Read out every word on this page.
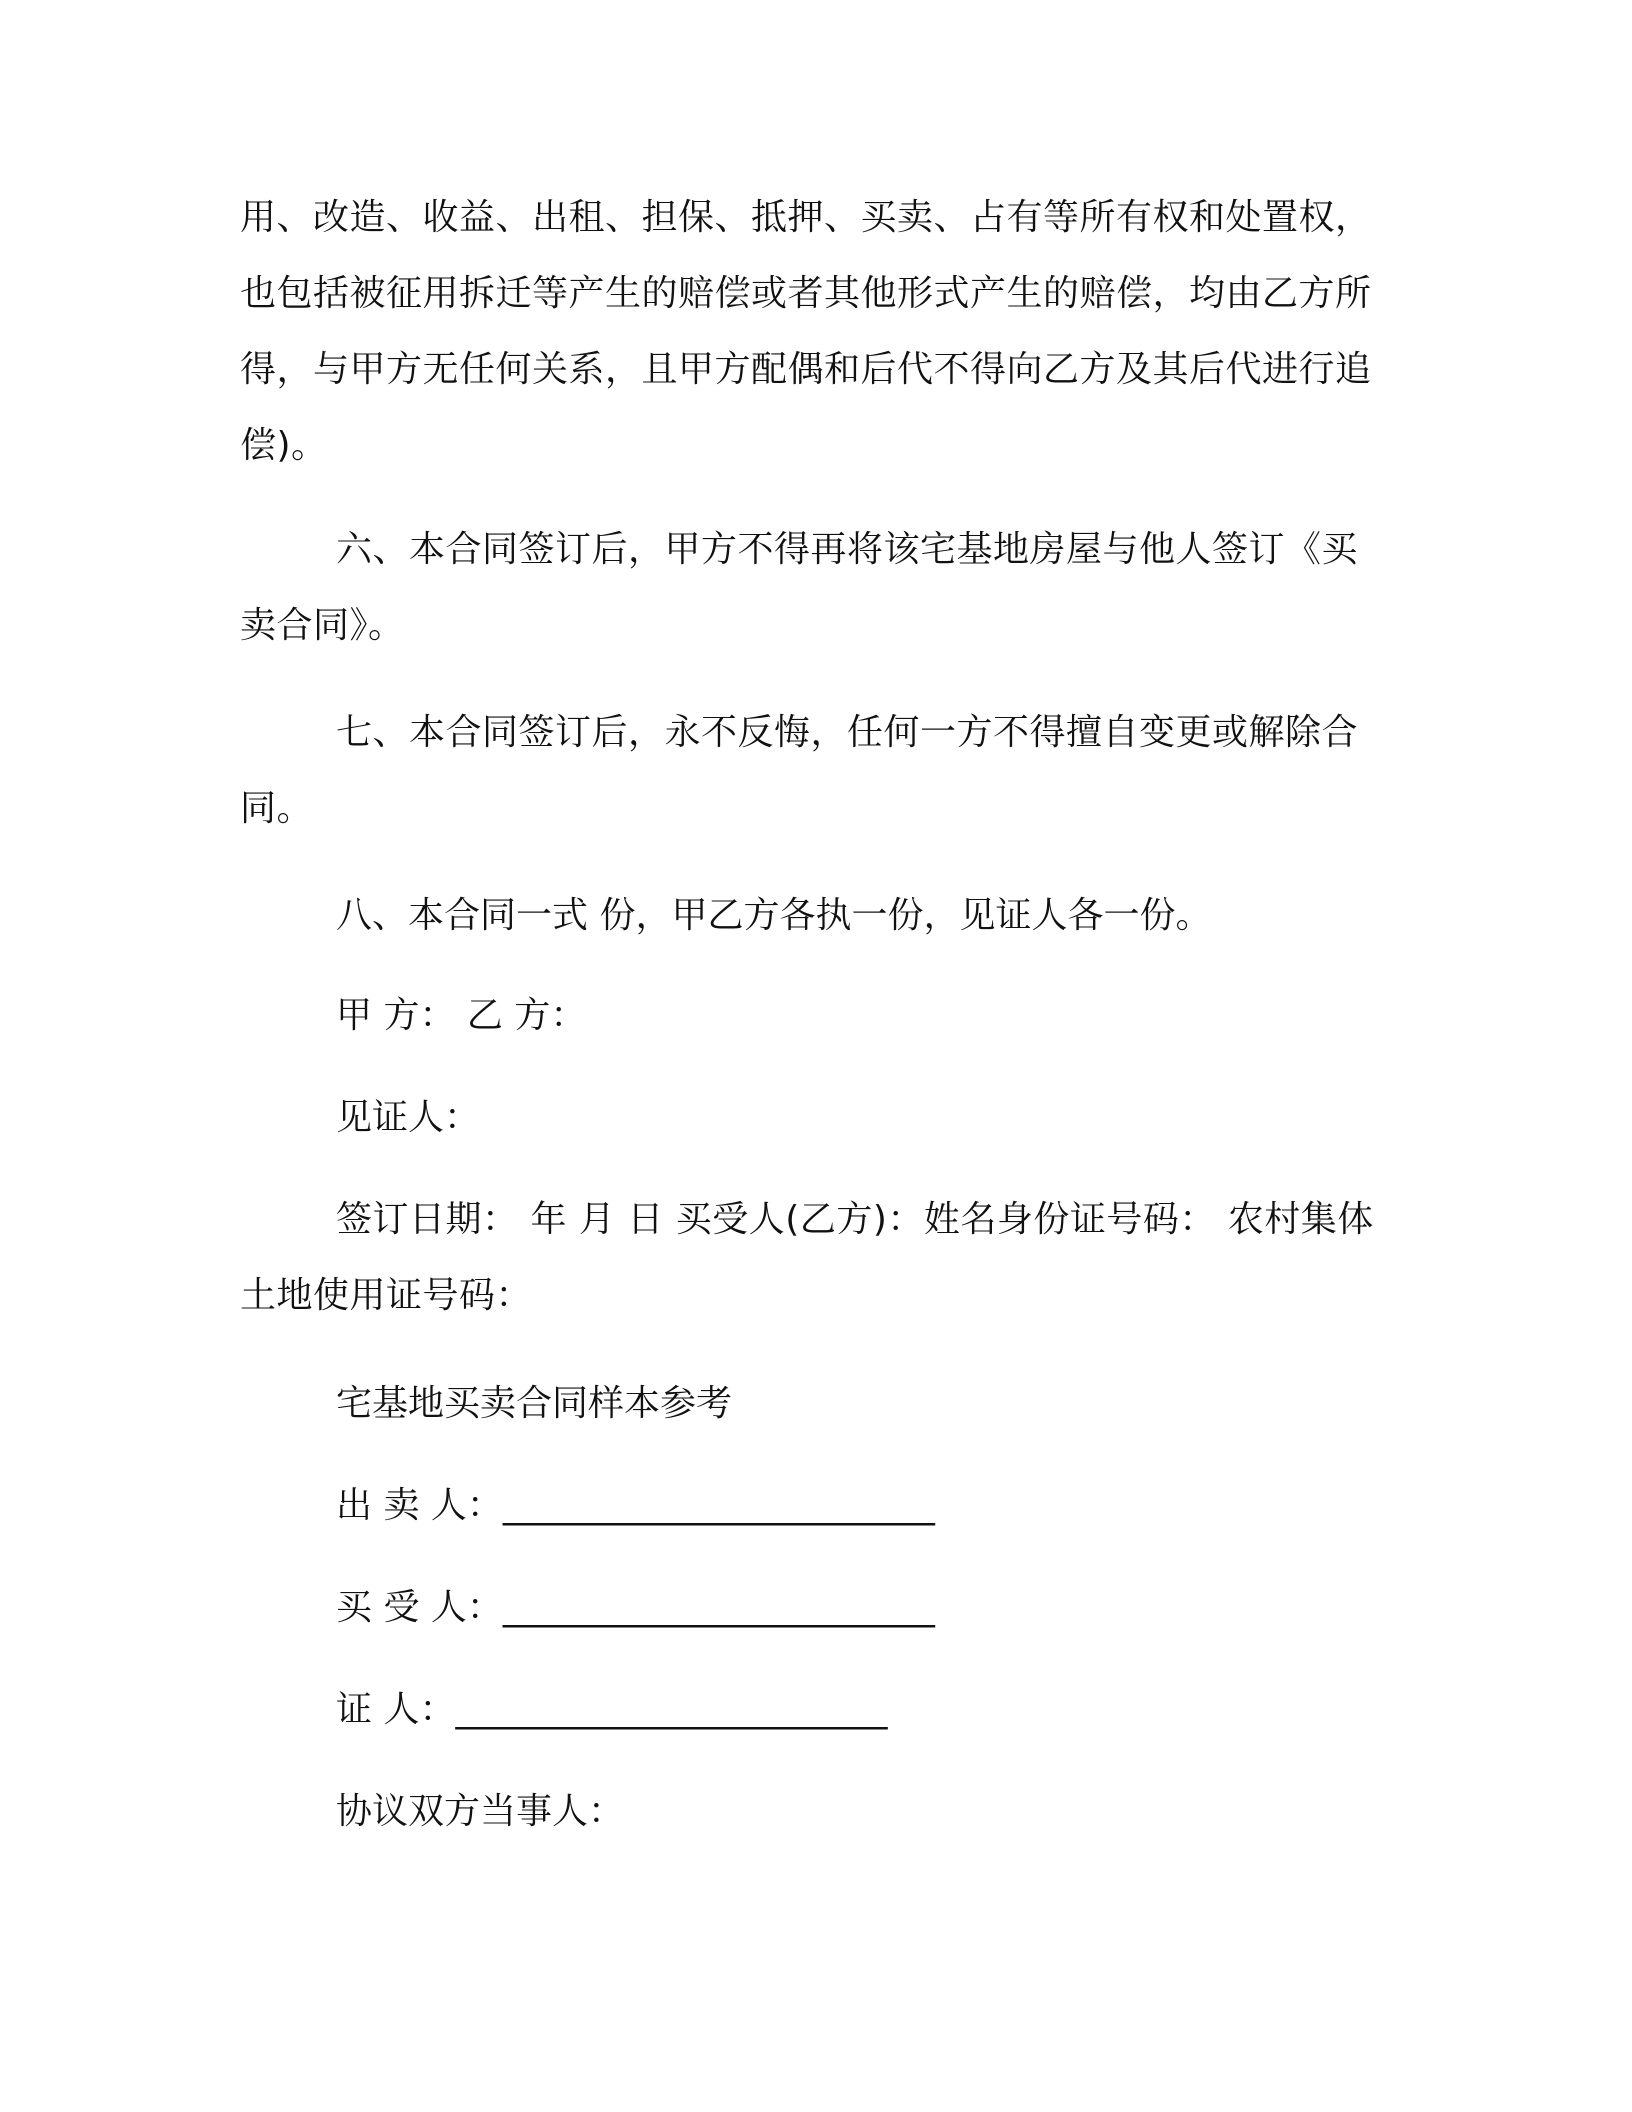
用、改造、收益、出租、担保、抵押、买卖、占有等所有权和处置权，也包括被征用拆迁等产生的赔偿或者其他形式产生的赔偿，均由乙方所得，与甲方无任何关系，且甲方配偶和后代不得向乙方及其后代进行追偿)。

六、本合同签订后，甲方不得再将该宅基地房屋与他人签订《买卖合同》。

七、本合同签订后，永不反悔，任何一方不得擅自变更或解除合同。

八、本合同一式 份，甲乙方各执一份，见证人各一份。

甲 方： 乙 方：

见证人：

签订日期： 年 月 日 买受人(乙方)：姓名身份证号码： 农村集体土地使用证号码：

宅基地买卖合同样本参考

出 卖 人：________________________

买 受 人：________________________

证 人：________________________

协议双方当事人：
